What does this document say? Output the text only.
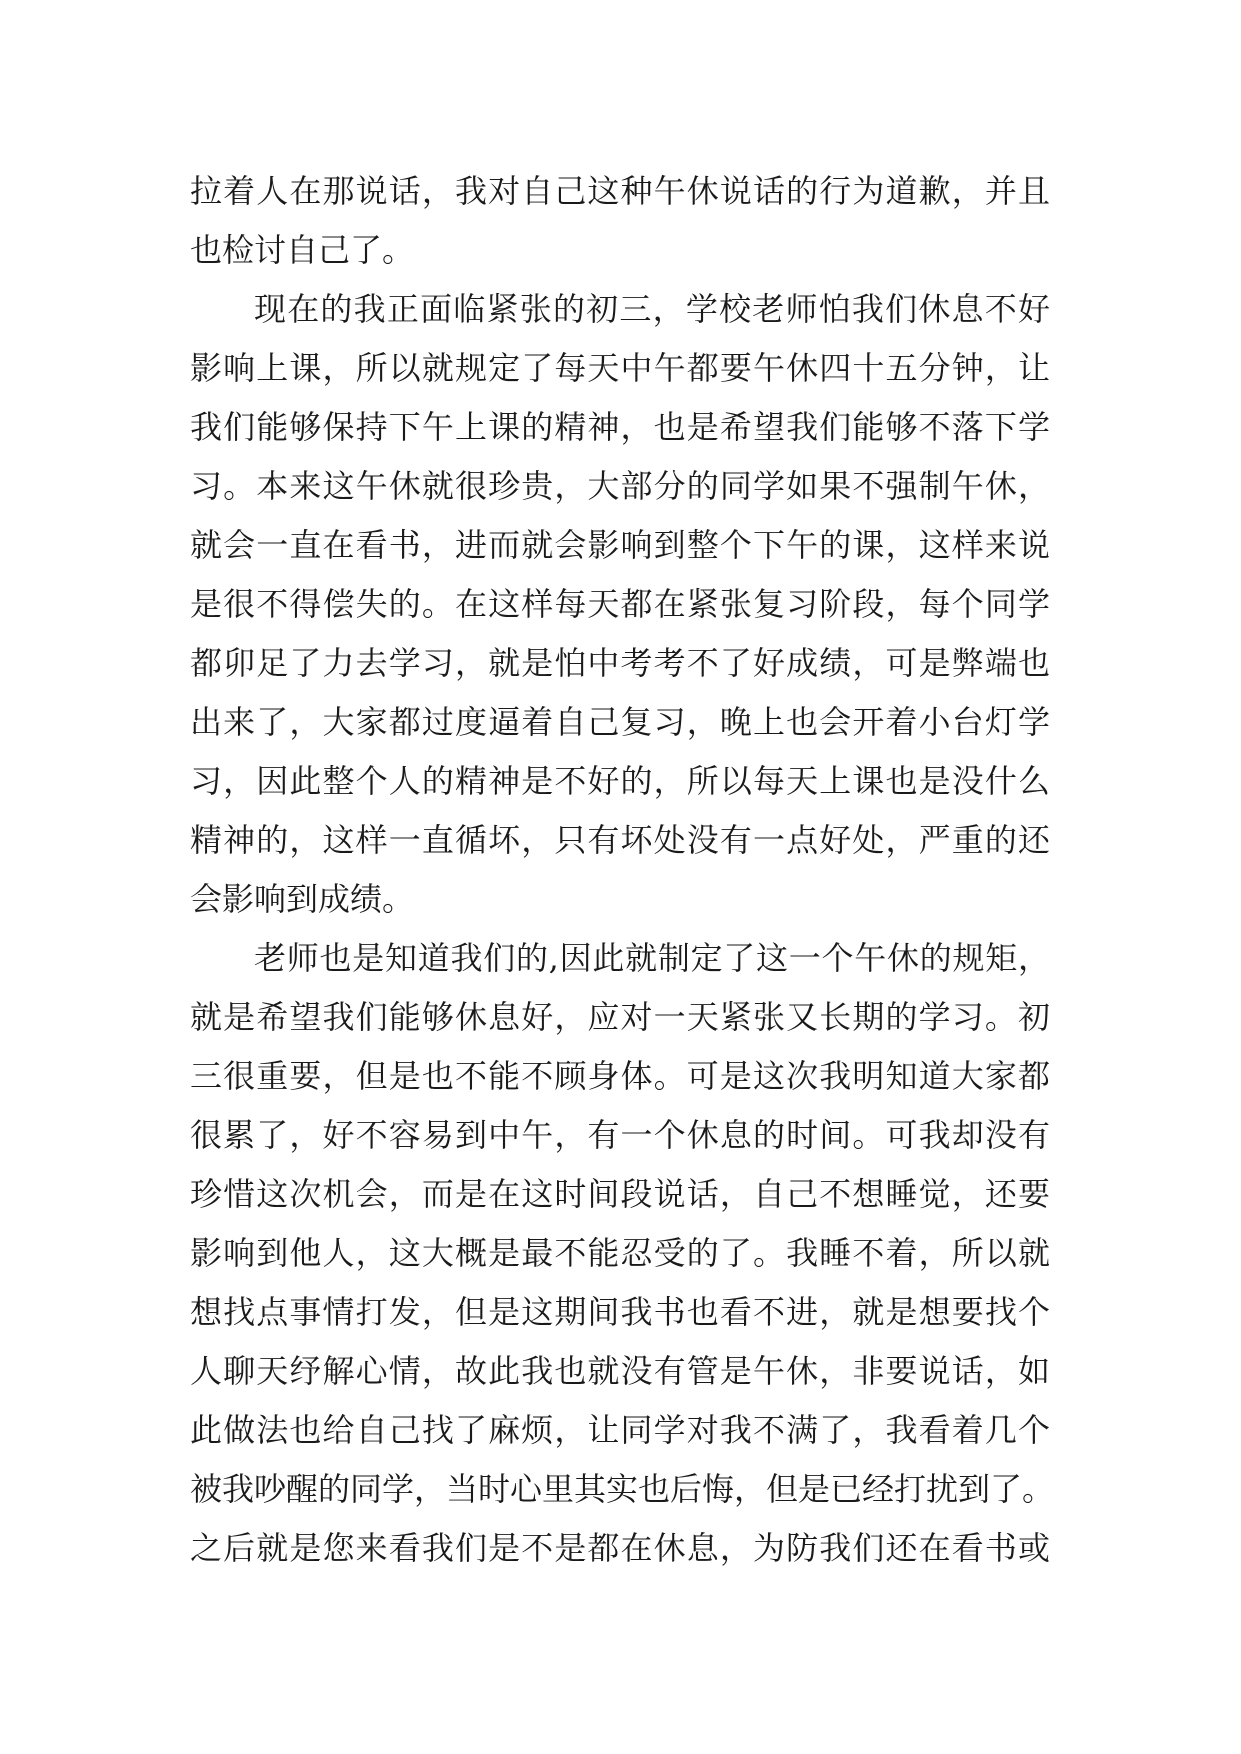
拉着人在那说话，我对自己这种午休说话的行为道歉，并且
也检讨自己了。
现在的我正面临紧张的初三，学校老师怕我们休息不好
影响上课，所以就规定了每天中午都要午休四十五分钟，让
我们能够保持下午上课的精神，也是希望我们能够不落下学
习。本来这午休就很珍贵，大部分的同学如果不强制午休，
就会一直在看书，进而就会影响到整个下午的课，这样来说
是很不得偿失的。在这样每天都在紧张复习阶段，每个同学
都卯足了力去学习，就是怕中考考不了好成绩，可是弊端也
出来了，大家都过度逼着自己复习，晚上也会开着小台灯学
习，因此整个人的精神是不好的，所以每天上课也是没什么
精神的，这样一直循坏，只有坏处没有一点好处，严重的还
会影响到成绩。
老师也是知道我们的,因此就制定了这一个午休的规矩，
就是希望我们能够休息好，应对一天紧张又长期的学习。初
三很重要，但是也不能不顾身体。可是这次我明知道大家都
很累了，好不容易到中午，有一个休息的时间。可我却没有
珍惜这次机会，而是在这时间段说话，自己不想睡觉，还要
影响到他人，这大概是最不能忍受的了。我睡不着，所以就
想找点事情打发，但是这期间我书也看不进，就是想要找个
人聊天纾解心情，故此我也就没有管是午休，非要说话，如
此做法也给自己找了麻烦，让同学对我不满了，我看着几个
被我吵醒的同学，当时心里其实也后悔，但是已经打扰到了。
之后就是您来看我们是不是都在休息，为防我们还在看书或
